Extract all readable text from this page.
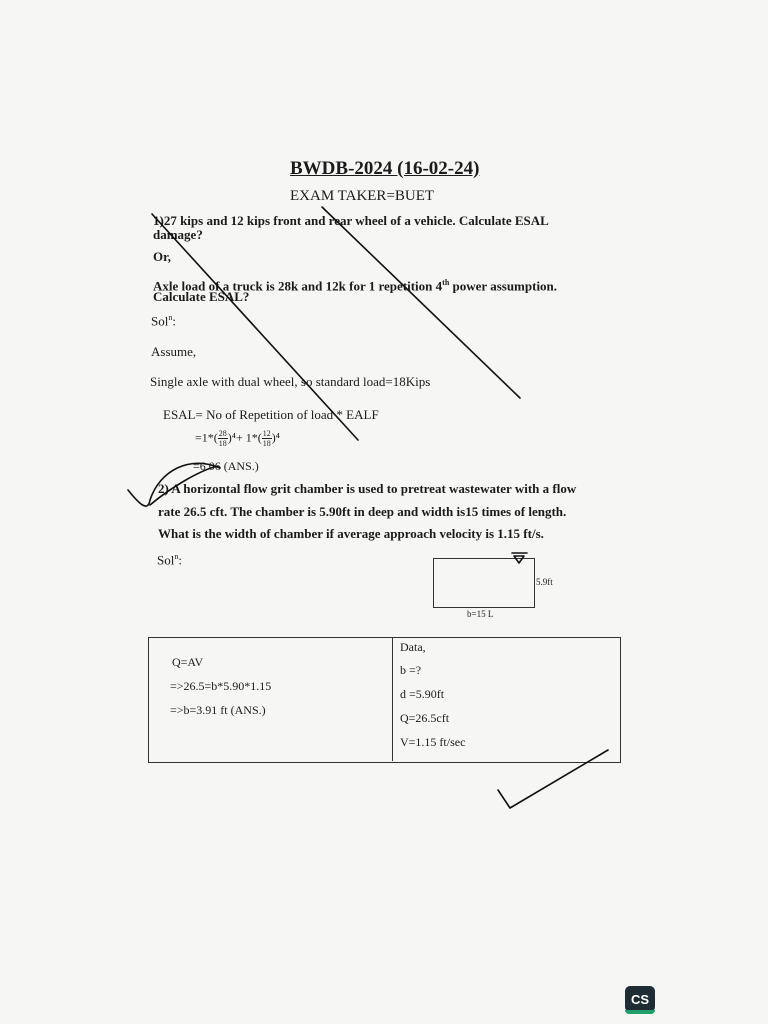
BWDB-2024 (16-02-24)
EXAM TAKER=BUET
1)27 kips and 12 kips front and rear wheel of a vehicle. Calculate ESAL
damage?
Or,
Axle load of a truck is 28k and 12k for 1 repetition 4th power assumption.
Calculate ESAL?
Sol$^n$:
Assume,
Single axle with dual wheel, so standard load=18Kips
ESAL= No of Repetition of load * EALF
$=1*( \frac{28}{18} )^4+ 1*( \frac{12}{18} )^4$
=6.06 (ANS.)
2) A horizontal flow grit chamber is used to pretreat wastewater with a flow
rate 26.5 cft. The chamber is 5.90ft in deep and width is15 times of length.
What is the width of chamber if average approach velocity is 1.15 ft/s.
Sol$^n$:
5.9ft
b=15 L
Q=AV
=>26.5=b*5.90*1.15
=>b=3.91 ft (ANS.)
Data,
b =?
d =5.90ft
Q=26.5cft
V=1.15 ft/sec
CS
